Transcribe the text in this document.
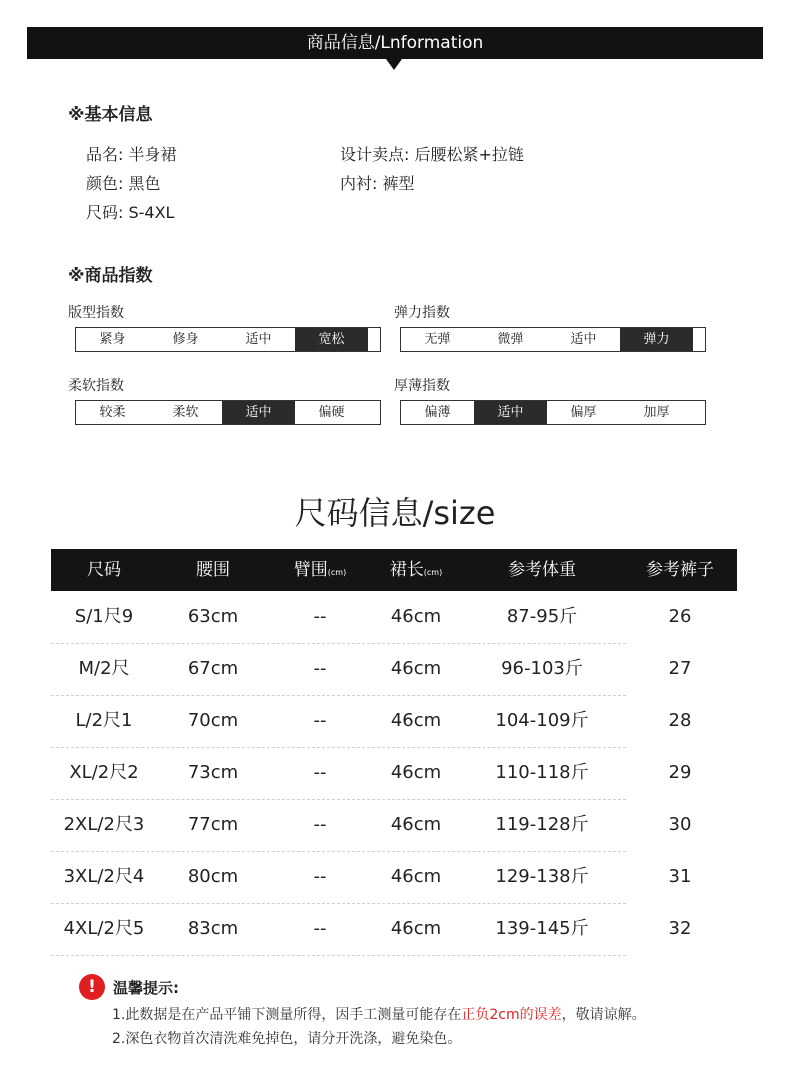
商品信息/Lnformation
※基本信息
品名: 半身裙
颜色: 黑色
尺码: S-4XL
设计卖点: 后腰松紧+拉链
内衬: 裤型
※商品指数
版型指数
紧身	修身	适中	宽松
弹力指数
无弹	微弹	适中	弹力
柔软指数
较柔	柔软	适中	偏硬
厚薄指数
偏薄	适中	偏厚	加厚
尺码信息/size
尺码	腰围	臂围(cm)	裙长(cm)	参考体重	参考裤子
S/1尺9	63cm	--	46cm	87-95斤	26
M/2尺	67cm	--	46cm	96-103斤	27
L/2尺1	70cm	--	46cm	104-109斤	28
XL/2尺2	73cm	--	46cm	110-118斤	29
2XL/2尺3	77cm	--	46cm	119-128斤	30
3XL/2尺4	80cm	--	46cm	129-138斤	31
4XL/2尺5	83cm	--	46cm	139-145斤	32
!	温馨提示:
1.此数据是在产品平铺下测量所得，因手工测量可能存在正负2cm的误差，敬请谅解。
2.深色衣物首次清洗难免掉色，请分开洗涤，避免染色。
